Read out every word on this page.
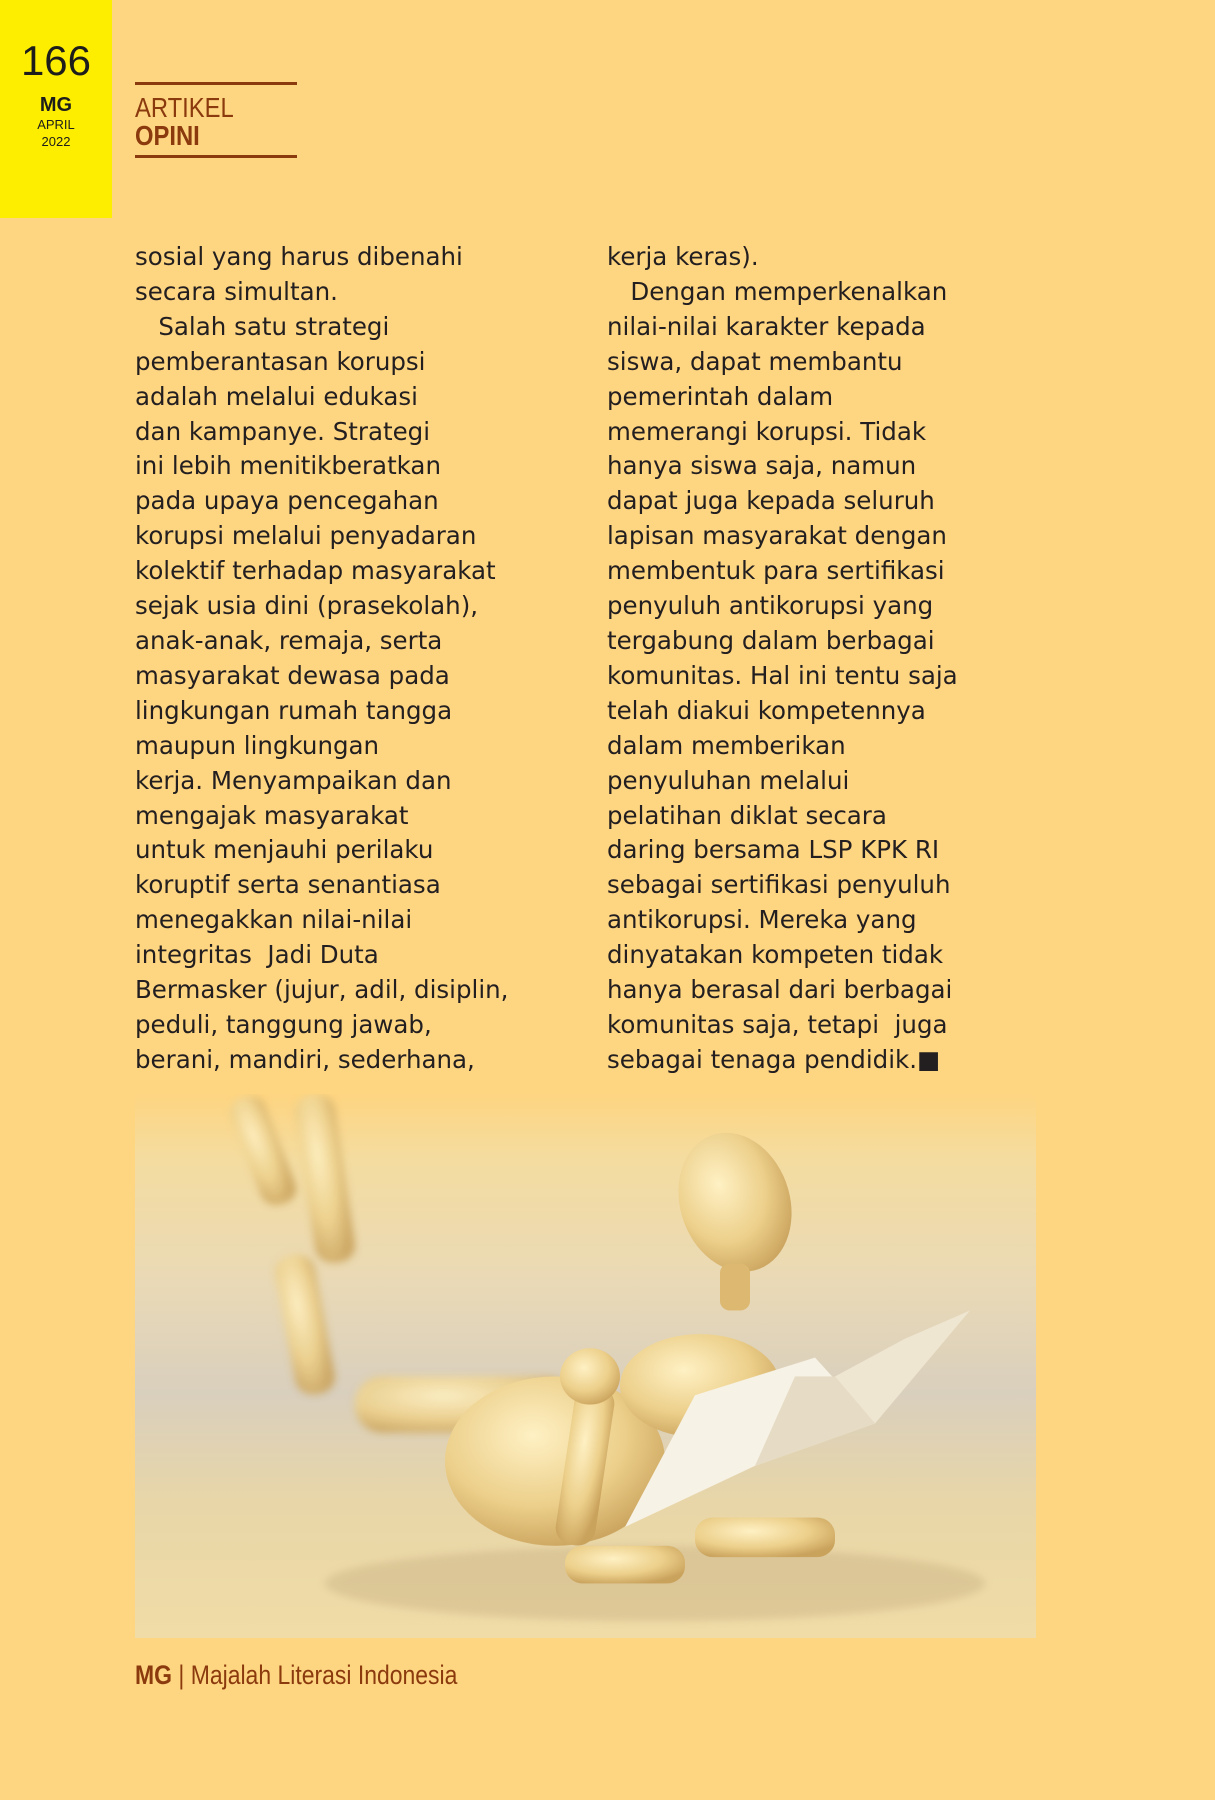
166
MG
APRIL
2022
ARTIKEL
OPINI
sosial yang harus dibenahi
secara simultan.
Salah satu strategi
pemberantasan korupsi
adalah melalui edukasi
dan kampanye. Strategi
ini lebih menitikberatkan
pada upaya pencegahan
korupsi melalui penyadaran
kolektif terhadap masyarakat
sejak usia dini (prasekolah),
anak-anak, remaja, serta
masyarakat dewasa pada
lingkungan rumah tangga
maupun lingkungan
kerja. Menyampaikan dan
mengajak masyarakat
untuk menjauhi perilaku
koruptif serta senantiasa
menegakkan nilai-nilai
integritas  Jadi Duta
Bermasker (jujur, adil, disiplin,
peduli, tanggung jawab,
berani, mandiri, sederhana,
kerja keras).
Dengan memperkenalkan
nilai-nilai karakter kepada
siswa, dapat membantu
pemerintah dalam
memerangi korupsi. Tidak
hanya siswa saja, namun
dapat juga kepada seluruh
lapisan masyarakat dengan
membentuk para sertifikasi
penyuluh antikorupsi yang
tergabung dalam berbagai
komunitas. Hal ini tentu saja
telah diakui kompetennya
dalam memberikan
penyuluhan melalui
pelatihan diklat secara
daring bersama LSP KPK RI
sebagai sertifikasi penyuluh
antikorupsi. Mereka yang
dinyatakan kompeten tidak
hanya berasal dari berbagai
komunitas saja, tetapi  juga
sebagai tenaga pendidik.■
MG | Majalah Literasi Indonesia
